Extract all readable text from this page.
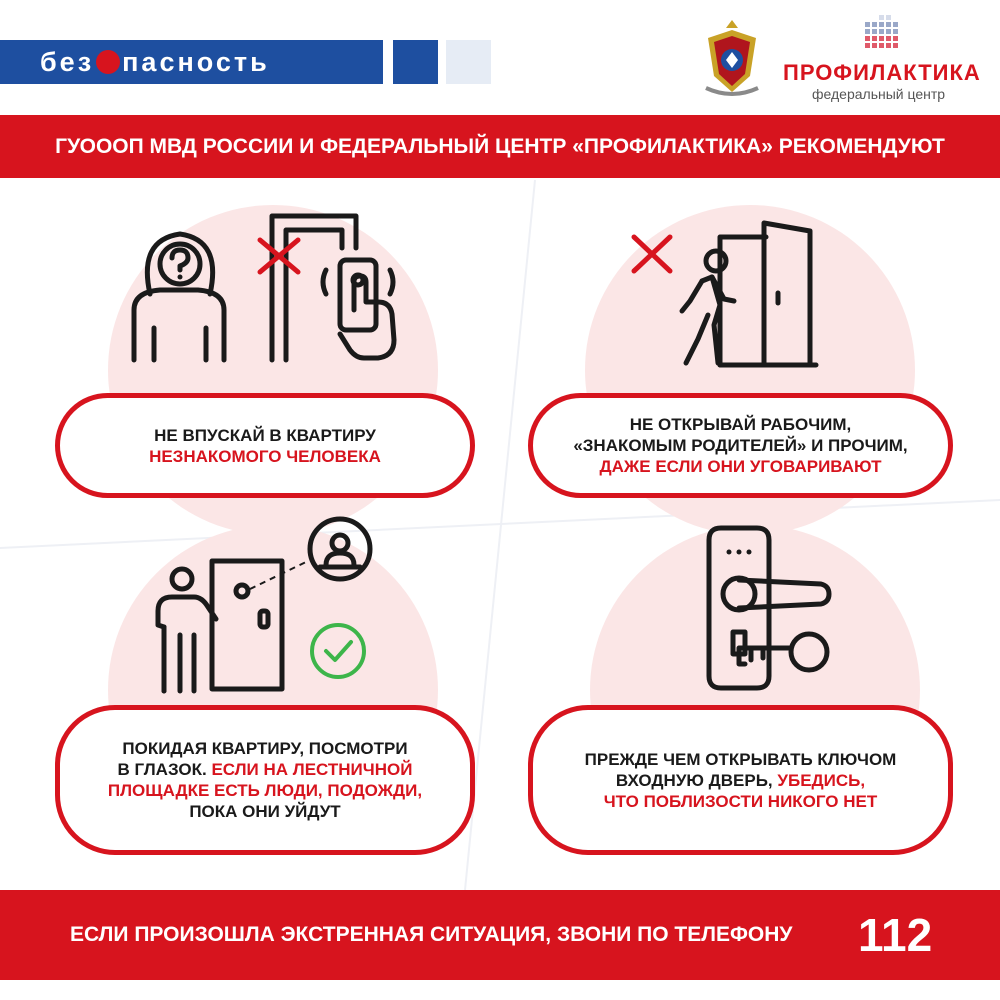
без пасность	ПРОФИЛАКТИКА
федеральный центр
ГУОООП МВД РОССИИ И ФЕДЕРАЛЬНЫЙ ЦЕНТР «ПРОФИЛАКТИКА» РЕКОМЕНДУЮТ
НЕ ВПУСКАЙ В КВАРТИРУ
НЕЗНАКОМОГО ЧЕЛОВЕКА
НЕ ОТКРЫВАЙ РАБОЧИМ,
«ЗНАКОМЫМ РОДИТЕЛЕЙ» И ПРОЧИМ,
ДАЖЕ ЕСЛИ ОНИ УГОВАРИВАЮТ
ПОКИДАЯ КВАРТИРУ, ПОСМОТРИ
В ГЛАЗОК. ЕСЛИ НА ЛЕСТНИЧНОЙ
ПЛОЩАДКЕ ЕСТЬ ЛЮДИ, ПОДОЖДИ,
ПОКА ОНИ УЙДУТ
ПРЕЖДЕ ЧЕМ ОТКРЫВАТЬ КЛЮЧОМ
ВХОДНУЮ ДВЕРЬ, УБЕДИСЬ,
ЧТО ПОБЛИЗОСТИ НИКОГО НЕТ
ЕСЛИ ПРОИЗОШЛА ЭКСТРЕННАЯ СИТУАЦИЯ, ЗВОНИ ПО ТЕЛЕФОНУ 112
